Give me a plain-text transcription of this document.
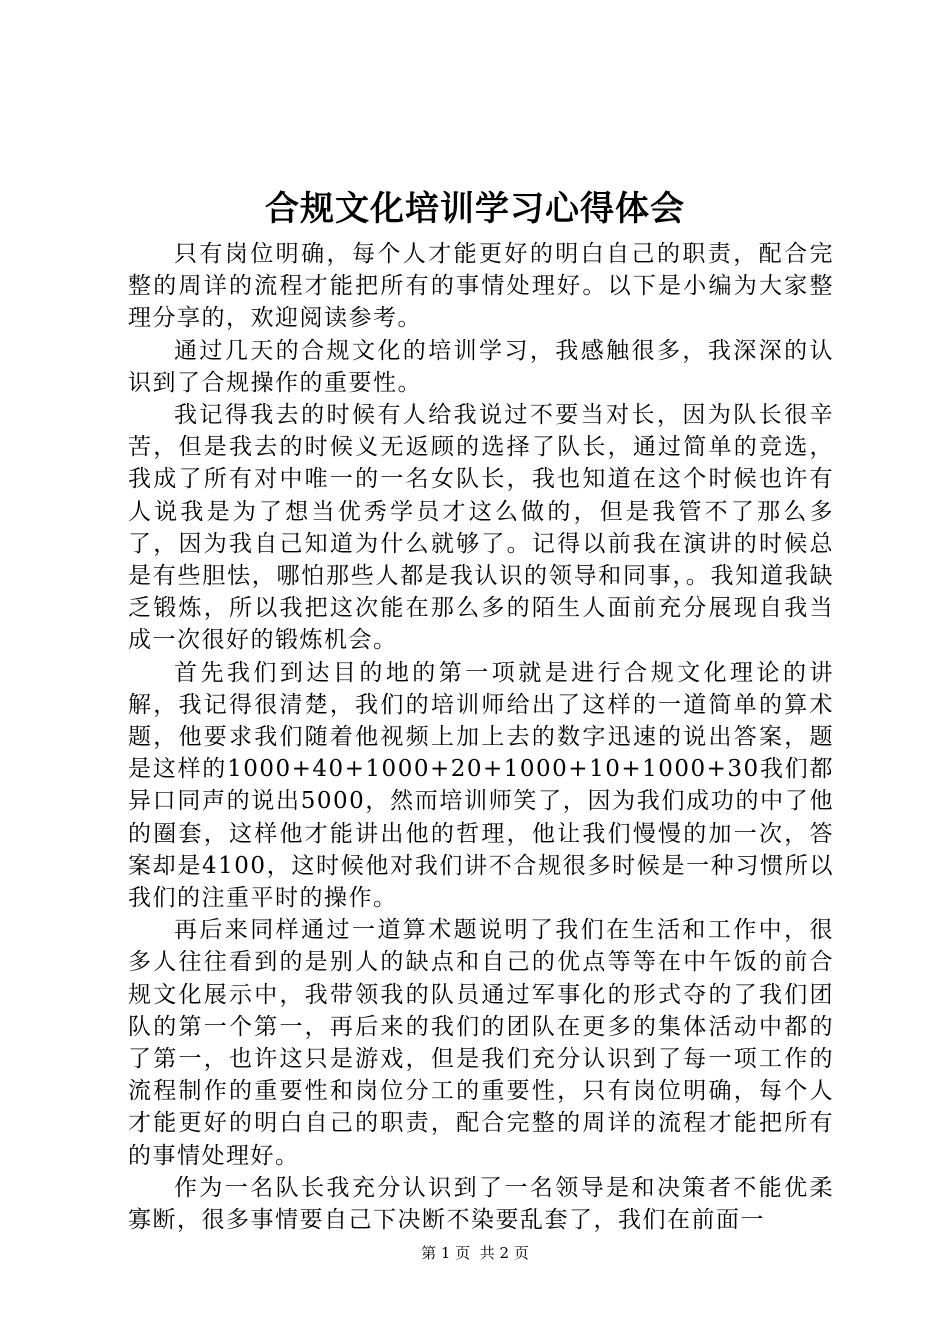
合规文化培训学习心得体会

只有岗位明确，每个人才能更好的明白自己的职责，配合完整的周详的流程才能把所有的事情处理好。以下是小编为大家整理分享的，欢迎阅读参考。

通过几天的合规文化的培训学习，我感触很多，我深深的认识到了合规操作的重要性。

我记得我去的时候有人给我说过不要当对长，因为队长很辛苦，但是我去的时候义无返顾的选择了队长，通过简单的竞选，我成了所有对中唯一的一名女队长，我也知道在这个时候也许有人说我是为了想当优秀学员才这么做的，但是我管不了那么多了，因为我自己知道为什么就够了。记得以前我在演讲的时候总是有些胆怯，哪怕那些人都是我认识的领导和同事，。我知道我缺乏锻炼，所以我把这次能在那么多的陌生人面前充分展现自我当成一次很好的锻炼机会。

首先我们到达目的地的第一项就是进行合规文化理论的讲解，我记得很清楚，我们的培训师给出了这样的一道简单的算术题，他要求我们随着他视频上加上去的数字迅速的说出答案，题是这样的1000+40+1000+20+1000+10+1000+30我们都异口同声的说出5000，然而培训师笑了，因为我们成功的中了他的圈套，这样他才能讲出他的哲理，他让我们慢慢的加一次，答案却是4100，这时候他对我们讲不合规很多时候是一种习惯所以我们的注重平时的操作。

再后来同样通过一道算术题说明了我们在生活和工作中，很多人往往看到的是别人的缺点和自己的优点等等在中午饭的前合规文化展示中，我带领我的队员通过军事化的形式夺的了我们团队的第一个第一，再后来的我们的团队在更多的集体活动中都的了第一，也许这只是游戏，但是我们充分认识到了每一项工作的流程制作的重要性和岗位分工的重要性，只有岗位明确，每个人才能更好的明白自己的职责，配合完整的周详的流程才能把所有的事情处理好。

作为一名队长我充分认识到了一名领导是和决策者不能优柔寡断，很多事情要自己下决断不染要乱套了，我们在前面一

第 1 页  共 2 页
